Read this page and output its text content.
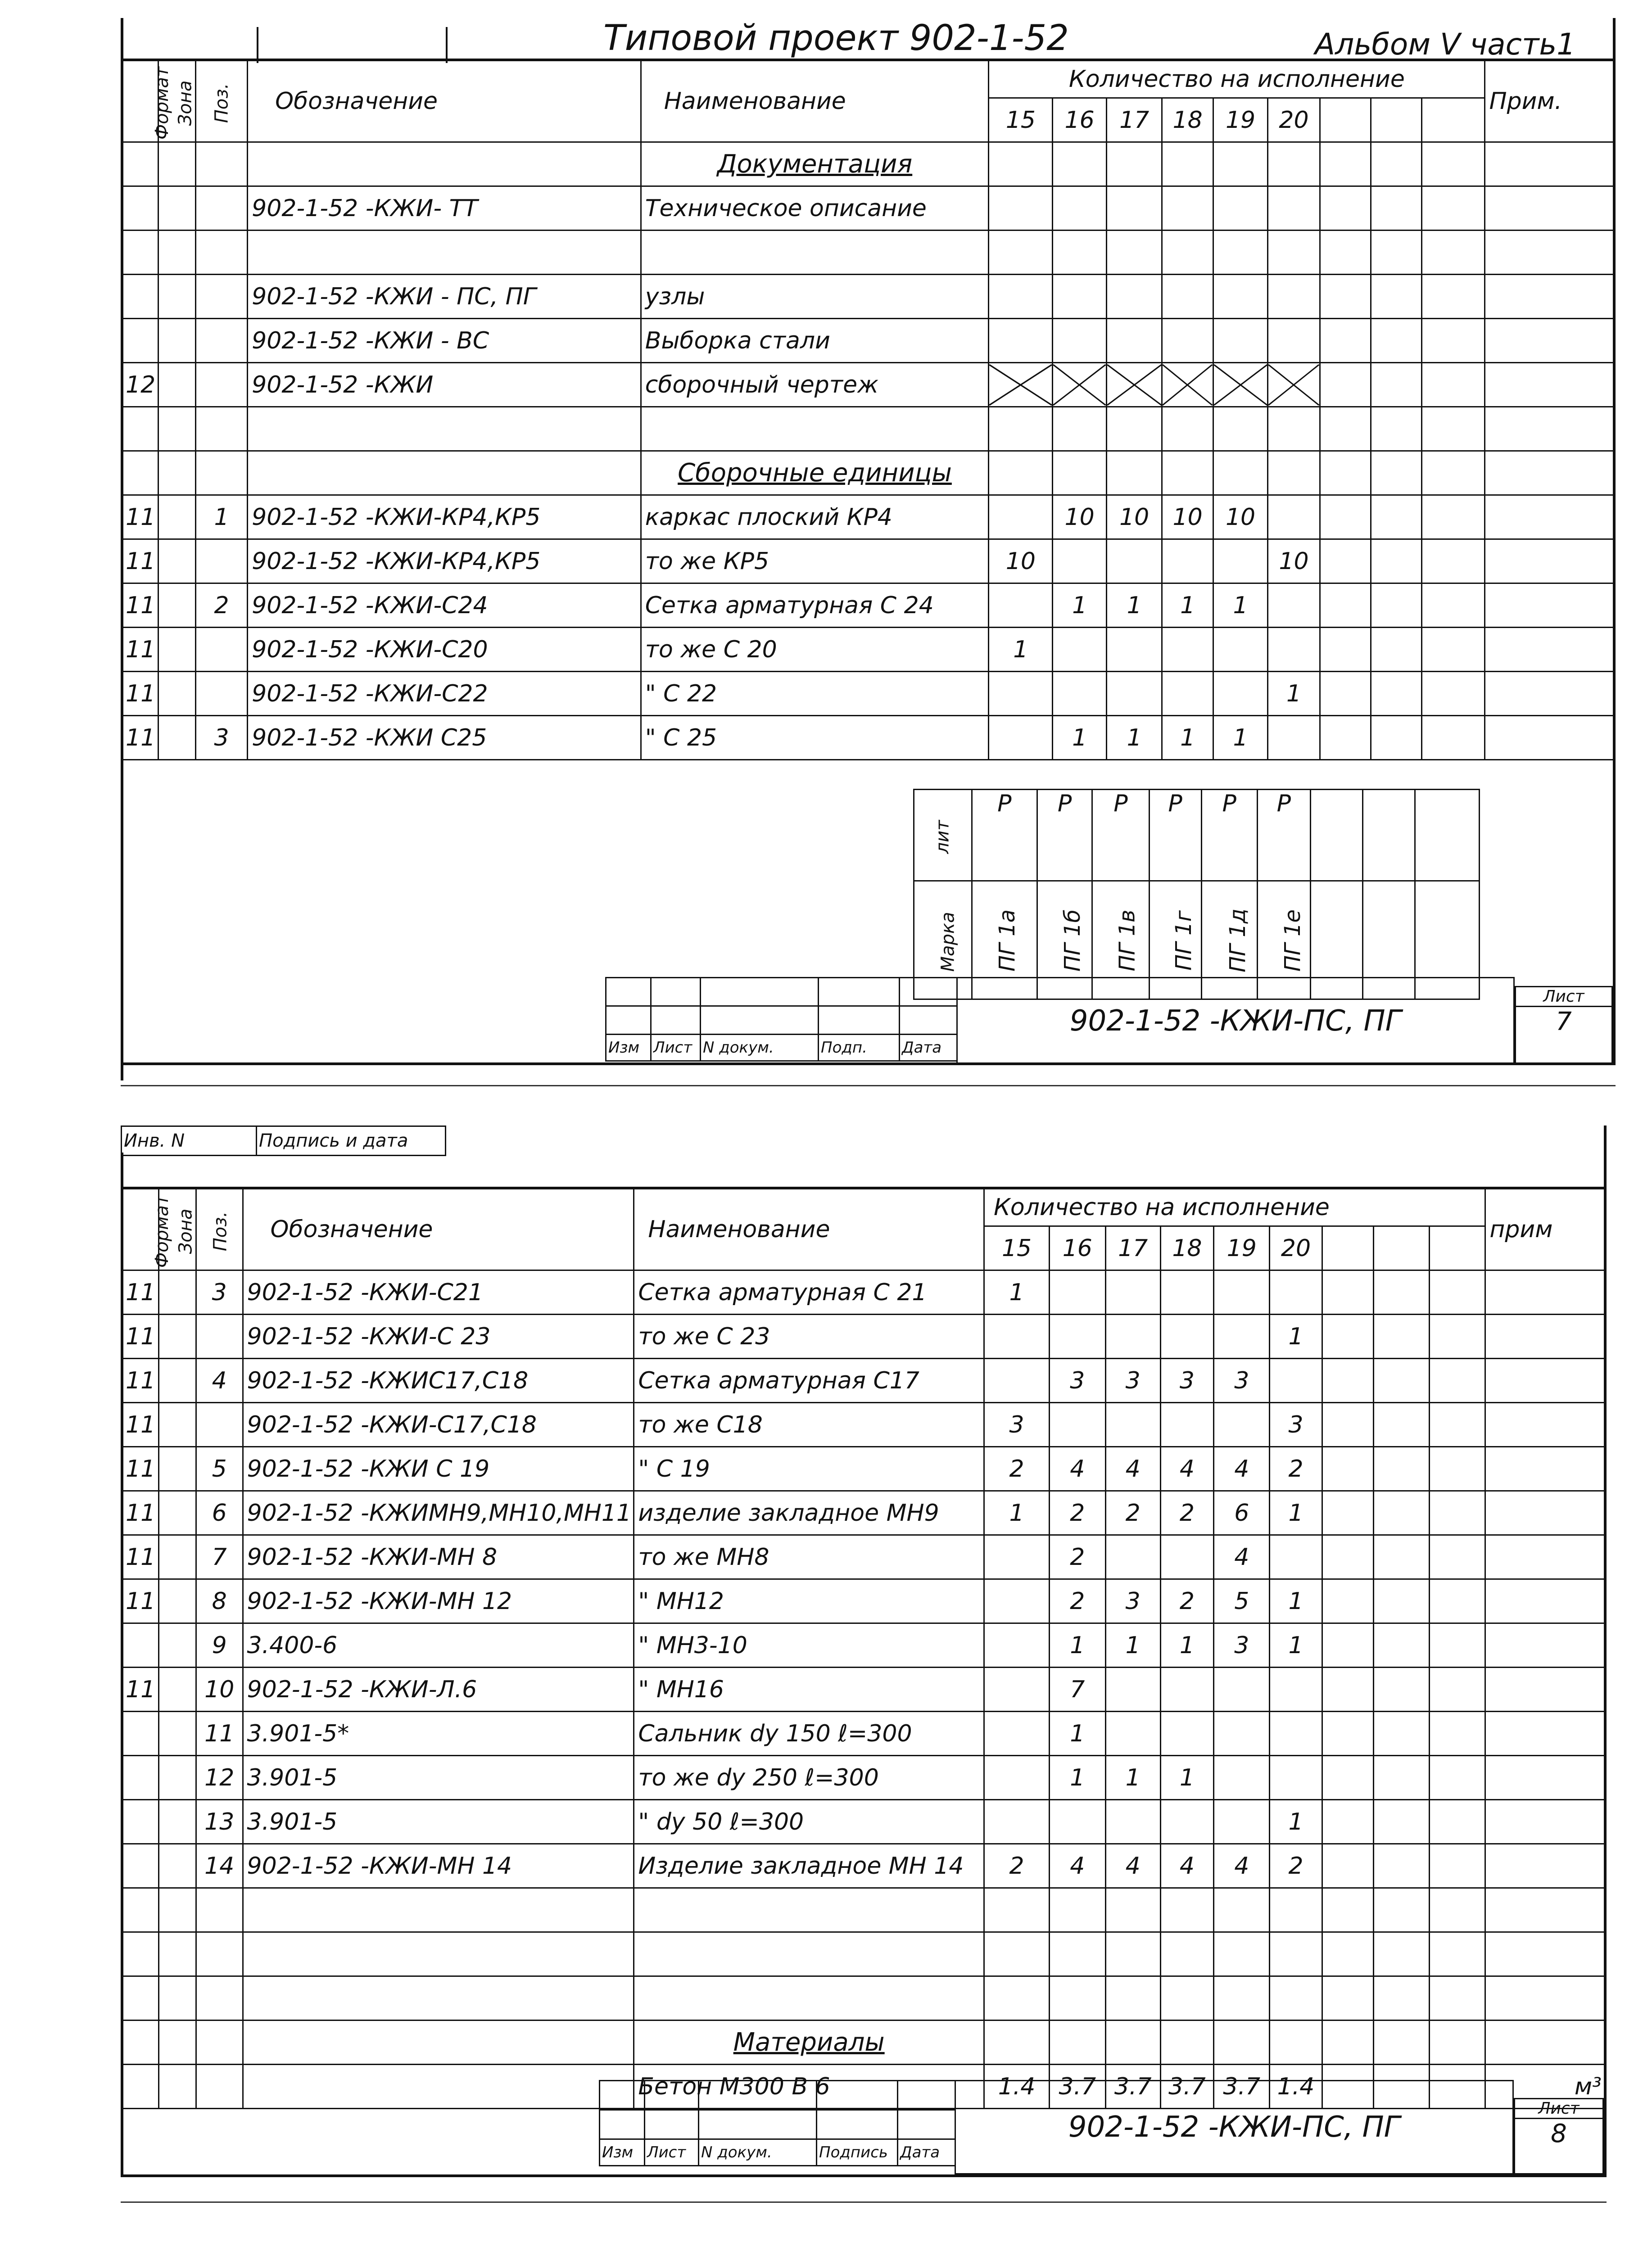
Типовой проект 902-1-52	Альбом V часть1
Формат	Зона	Поз.	Обозначение	Наименование	Количество на исполнение									Прим.
					15	16	17	18	19	20				
				Документация										
			902-1-52 -КЖИ- ТТ	Техническое описание										

			902-1-52 -КЖИ - ПС, ПГ	узлы										
			902-1-52 -КЖИ - ВС	Выборка стали										
12			902-1-52 -КЖИ	сборочный чертеж	

				Сборочные единицы										
11		1	902-1-52 -КЖИ-КР4,КР5	каркас плоский КР4		10	10	10	10					
11			902-1-52 -КЖИ-КР4,КР5	то же КР5	10					10				
11		2	902-1-52 -КЖИ-С24	Сетка арматурная С 24		1	1	1	1					
11			902-1-52 -КЖИ-С20	то же С 20	1									
11			902-1-52 -КЖИ-С22	" С 22						1				
11		3	902-1-52 -КЖИ С25	" С 25		1	1	1	1					
лит	Р	Р	Р	Р	Р	Р				
Марка	ПГ 1а	ПГ 1б	ПГ 1в	ПГ 1г	ПГ 1д	ПГ 1е				

Изм	Лист	N докум.	Подп.	Дата
902-1-52 -КЖИ-ПС, ПГ
Лист
7
Инв. N	Подпись и дата
Формат	Зона	Поз.	Обозначение	Наименование	Количество на исполнение									прим
					15	16	17	18	19	20				
11		3	902-1-52 -КЖИ-С21	Сетка арматурная С 21	1									
11			902-1-52 -КЖИ-С 23	то же С 23						1				
11		4	902-1-52 -КЖИС17,С18	Сетка арматурная С17		3	3	3	3					
11			902-1-52 -КЖИ-С17,С18	то же С18	3					3				
11		5	902-1-52 -КЖИ С 19	" С 19	2	4	4	4	4	2				
11		6	902-1-52 -КЖИМН9,МН10,МН11	изделие закладное МН9	1	2	2	2	6	1				
11		7	902-1-52 -КЖИ-МН 8	то же МН8		2			4					
11		8	902-1-52 -КЖИ-МН 12	" МН12		2	3	2	5	1				
		9	3.400-6	" МН3-10		1	1	1	3	1				
11		10	902-1-52 -КЖИ-Л.6	" МН16		7								
		11	3.901-5*	Сальник dy 150 ℓ=300		1								
		12	3.901-5	то же dy 250 ℓ=300		1	1	1						
		13	3.901-5	" dy 50 ℓ=300						1				
		14	902-1-52 -КЖИ-МН 14	Изделие закладное МН 14	2	4	4	4	4	2				

				Материалы										
				Бетон М300 В 6	1.4	3.7	3.7	3.7	3.7	1.4				м³

Изм	Лист	N докум.	Подпись	Дата
902-1-52 -КЖИ-ПС, ПГ
Лист
8
